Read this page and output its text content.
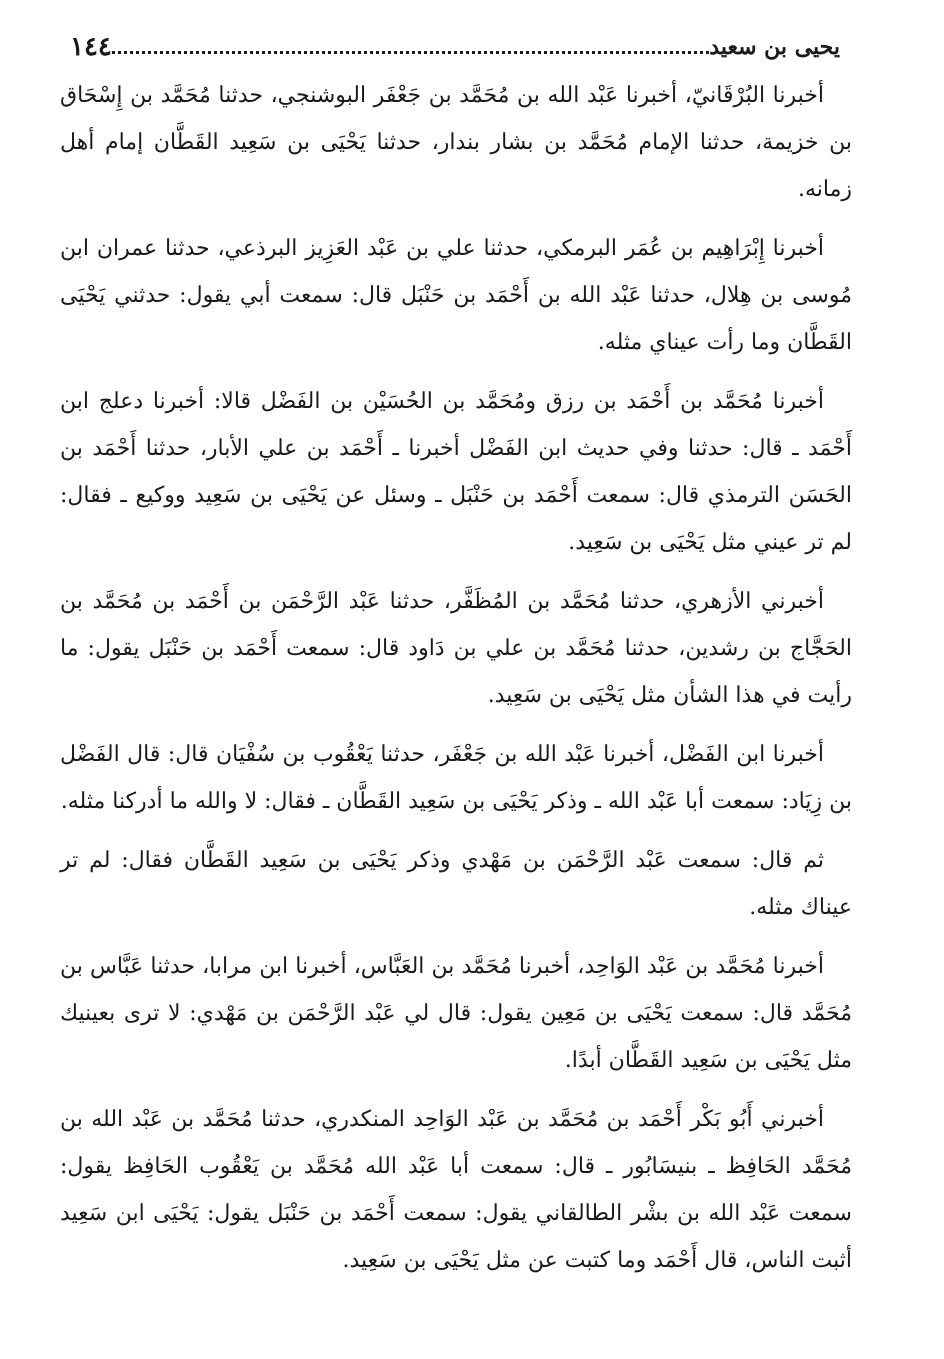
يحيى بن سعيد
١٤٤

أخبرنا البُرْقَانيّ، أخبرنا عَبْد الله بن مُحَمَّد بن جَعْفَر البوشنجي، حدثنا مُحَمَّد بن إِسْحَاق بن خزيمة، حدثنا الإمام مُحَمَّد بن بشار بندار، حدثنا يَحْيَى بن سَعِيد القَطَّان إمام أهل زمانه.

أخبرنا إِبْرَاهِيم بن عُمَر البرمكي، حدثنا علي بن عَبْد العَزِيز البرذعي، حدثنا عمران ابن مُوسى بن هِلال، حدثنا عَبْد الله بن أَحْمَد بن حَنْبَل قال: سمعت أبي يقول: حدثني يَحْيَى القَطَّان وما رأت عيناي مثله.

أخبرنا مُحَمَّد بن أَحْمَد بن رزق ومُحَمَّد بن الحُسَيْن بن الفَضْل قالا: أخبرنا دعلج ابن أَحْمَد ـ قال: حدثنا وفي حديث ابن الفَضْل أخبرنا ـ أَحْمَد بن علي الأبار، حدثنا أَحْمَد بن الحَسَن الترمذي قال: سمعت أَحْمَد بن حَنْبَل ـ وسئل عن يَحْيَى بن سَعِيد ووكيع ـ فقال: لم تر عيني مثل يَحْيَى بن سَعِيد.

أخبرني الأزهري، حدثنا مُحَمَّد بن المُظَفَّر، حدثنا عَبْد الرَّحْمَن بن أَحْمَد بن مُحَمَّد بن الحَجَّاج بن رشدين، حدثنا مُحَمَّد بن علي بن دَاود قال: سمعت أَحْمَد بن حَنْبَل يقول: ما رأيت في هذا الشأن مثل يَحْيَى بن سَعِيد.

أخبرنا ابن الفَضْل، أخبرنا عَبْد الله بن جَعْفَر، حدثنا يَعْقُوب بن سُفْيَان قال: قال الفَضْل بن زِيَاد: سمعت أبا عَبْد الله ـ وذكر يَحْيَى بن سَعِيد القَطَّان ـ فقال: لا والله ما أدركنا مثله.

ثم قال: سمعت عَبْد الرَّحْمَن بن مَهْدي وذكر يَحْيَى بن سَعِيد القَطَّان فقال: لم تر عيناك مثله.

أخبرنا مُحَمَّد بن عَبْد الوَاحِد، أخبرنا مُحَمَّد بن العَبَّاس، أخبرنا ابن مرابا، حدثنا عَبَّاس بن مُحَمَّد قال: سمعت يَحْيَى بن مَعِين يقول: قال لي عَبْد الرَّحْمَن بن مَهْدي: لا ترى بعينيك مثل يَحْيَى بن سَعِيد القَطَّان أبدًا.

أخبرني أَبُو بَكْر أَحْمَد بن مُحَمَّد بن عَبْد الوَاحِد المنكدري، حدثنا مُحَمَّد بن عَبْد الله بن مُحَمَّد الحَافِظ ـ بنيسَابُور ـ قال: سمعت أبا عَبْد الله مُحَمَّد بن يَعْقُوب الحَافِظ يقول: سمعت عَبْد الله بن بشْر الطالقاني يقول: سمعت أَحْمَد بن حَنْبَل يقول: يَحْيَى ابن سَعِيد أثبت الناس، قال أَحْمَد وما كتبت عن مثل يَحْيَى بن سَعِيد.
